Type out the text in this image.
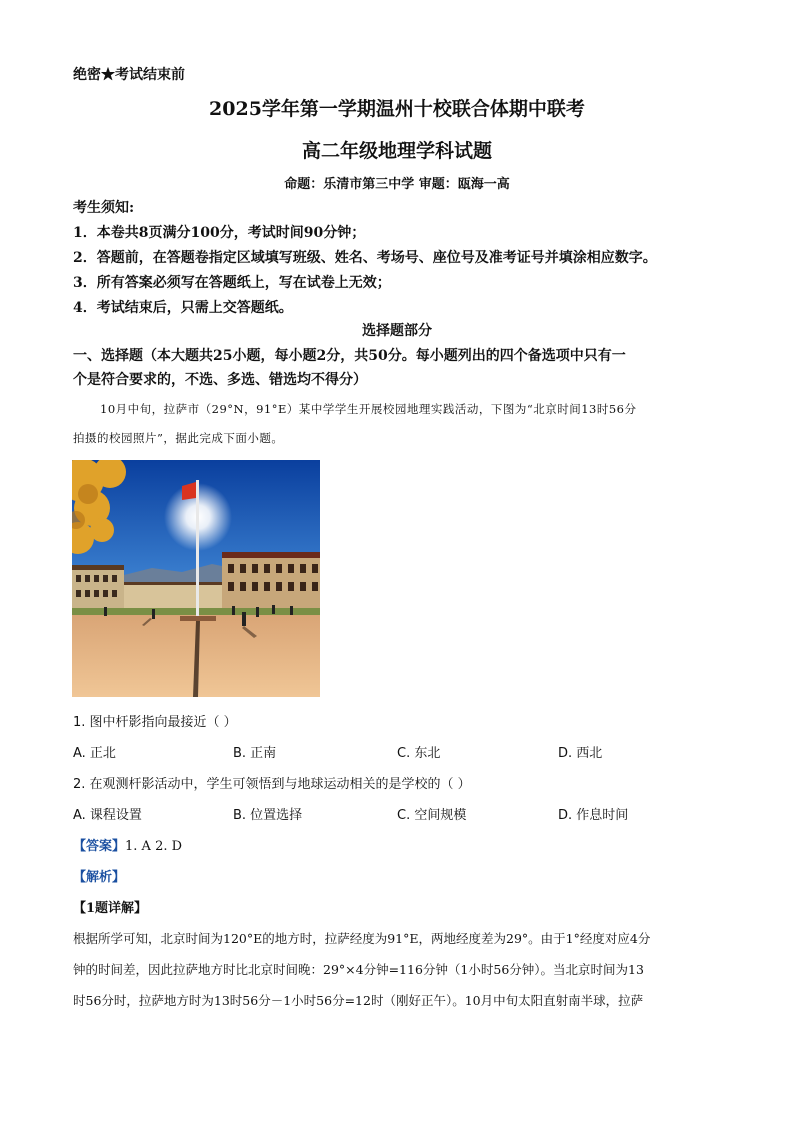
绝密★考试结束前
2025学年第一学期温州十校联合体期中联考
高二年级地理学科试题
命题：乐清市第三中学 审题：瓯海一高
考生须知:
1．本卷共8页满分100分，考试时间90分钟；
2．答题前，在答题卷指定区域填写班级、姓名、考场号、座位号及准考证号并填涂相应数字。
3．所有答案必须写在答题纸上，写在试卷上无效；
4．考试结束后，只需上交答题纸。
选择题部分
一、选择题（本大题共25小题，每小题2分，共50分。每小题列出的四个备选项中只有一
个是符合要求的，不选、多选、错选均不得分）
10月中旬，拉萨市（29°N，91°E）某中学学生开展校园地理实践活动，下图为“北京时间13时56分
拍摄的校园照片”，据此完成下面小题。
1. 图中杆影指向最接近（ ）
A. 正北	B. 正南	C. 东北	D. 西北
2. 在观测杆影活动中，学生可领悟到与地球运动相关的是学校的（ ）
A. 课程设置	B. 位置选择	C. 空间规模	D. 作息时间
【答案】1. A 2. D
【解析】
【1题详解】
根据所学可知，北京时间为120°E的地方时，拉萨经度为91°E，两地经度差为29°。由于1°经度对应4分
钟的时间差，因此拉萨地方时比北京时间晚：29°×4分钟=116分钟（1小时56分钟）。当北京时间为13
时56分时，拉萨地方时为13时56分－1小时56分=12时（刚好正午）。10月中旬太阳直射南半球，拉萨
